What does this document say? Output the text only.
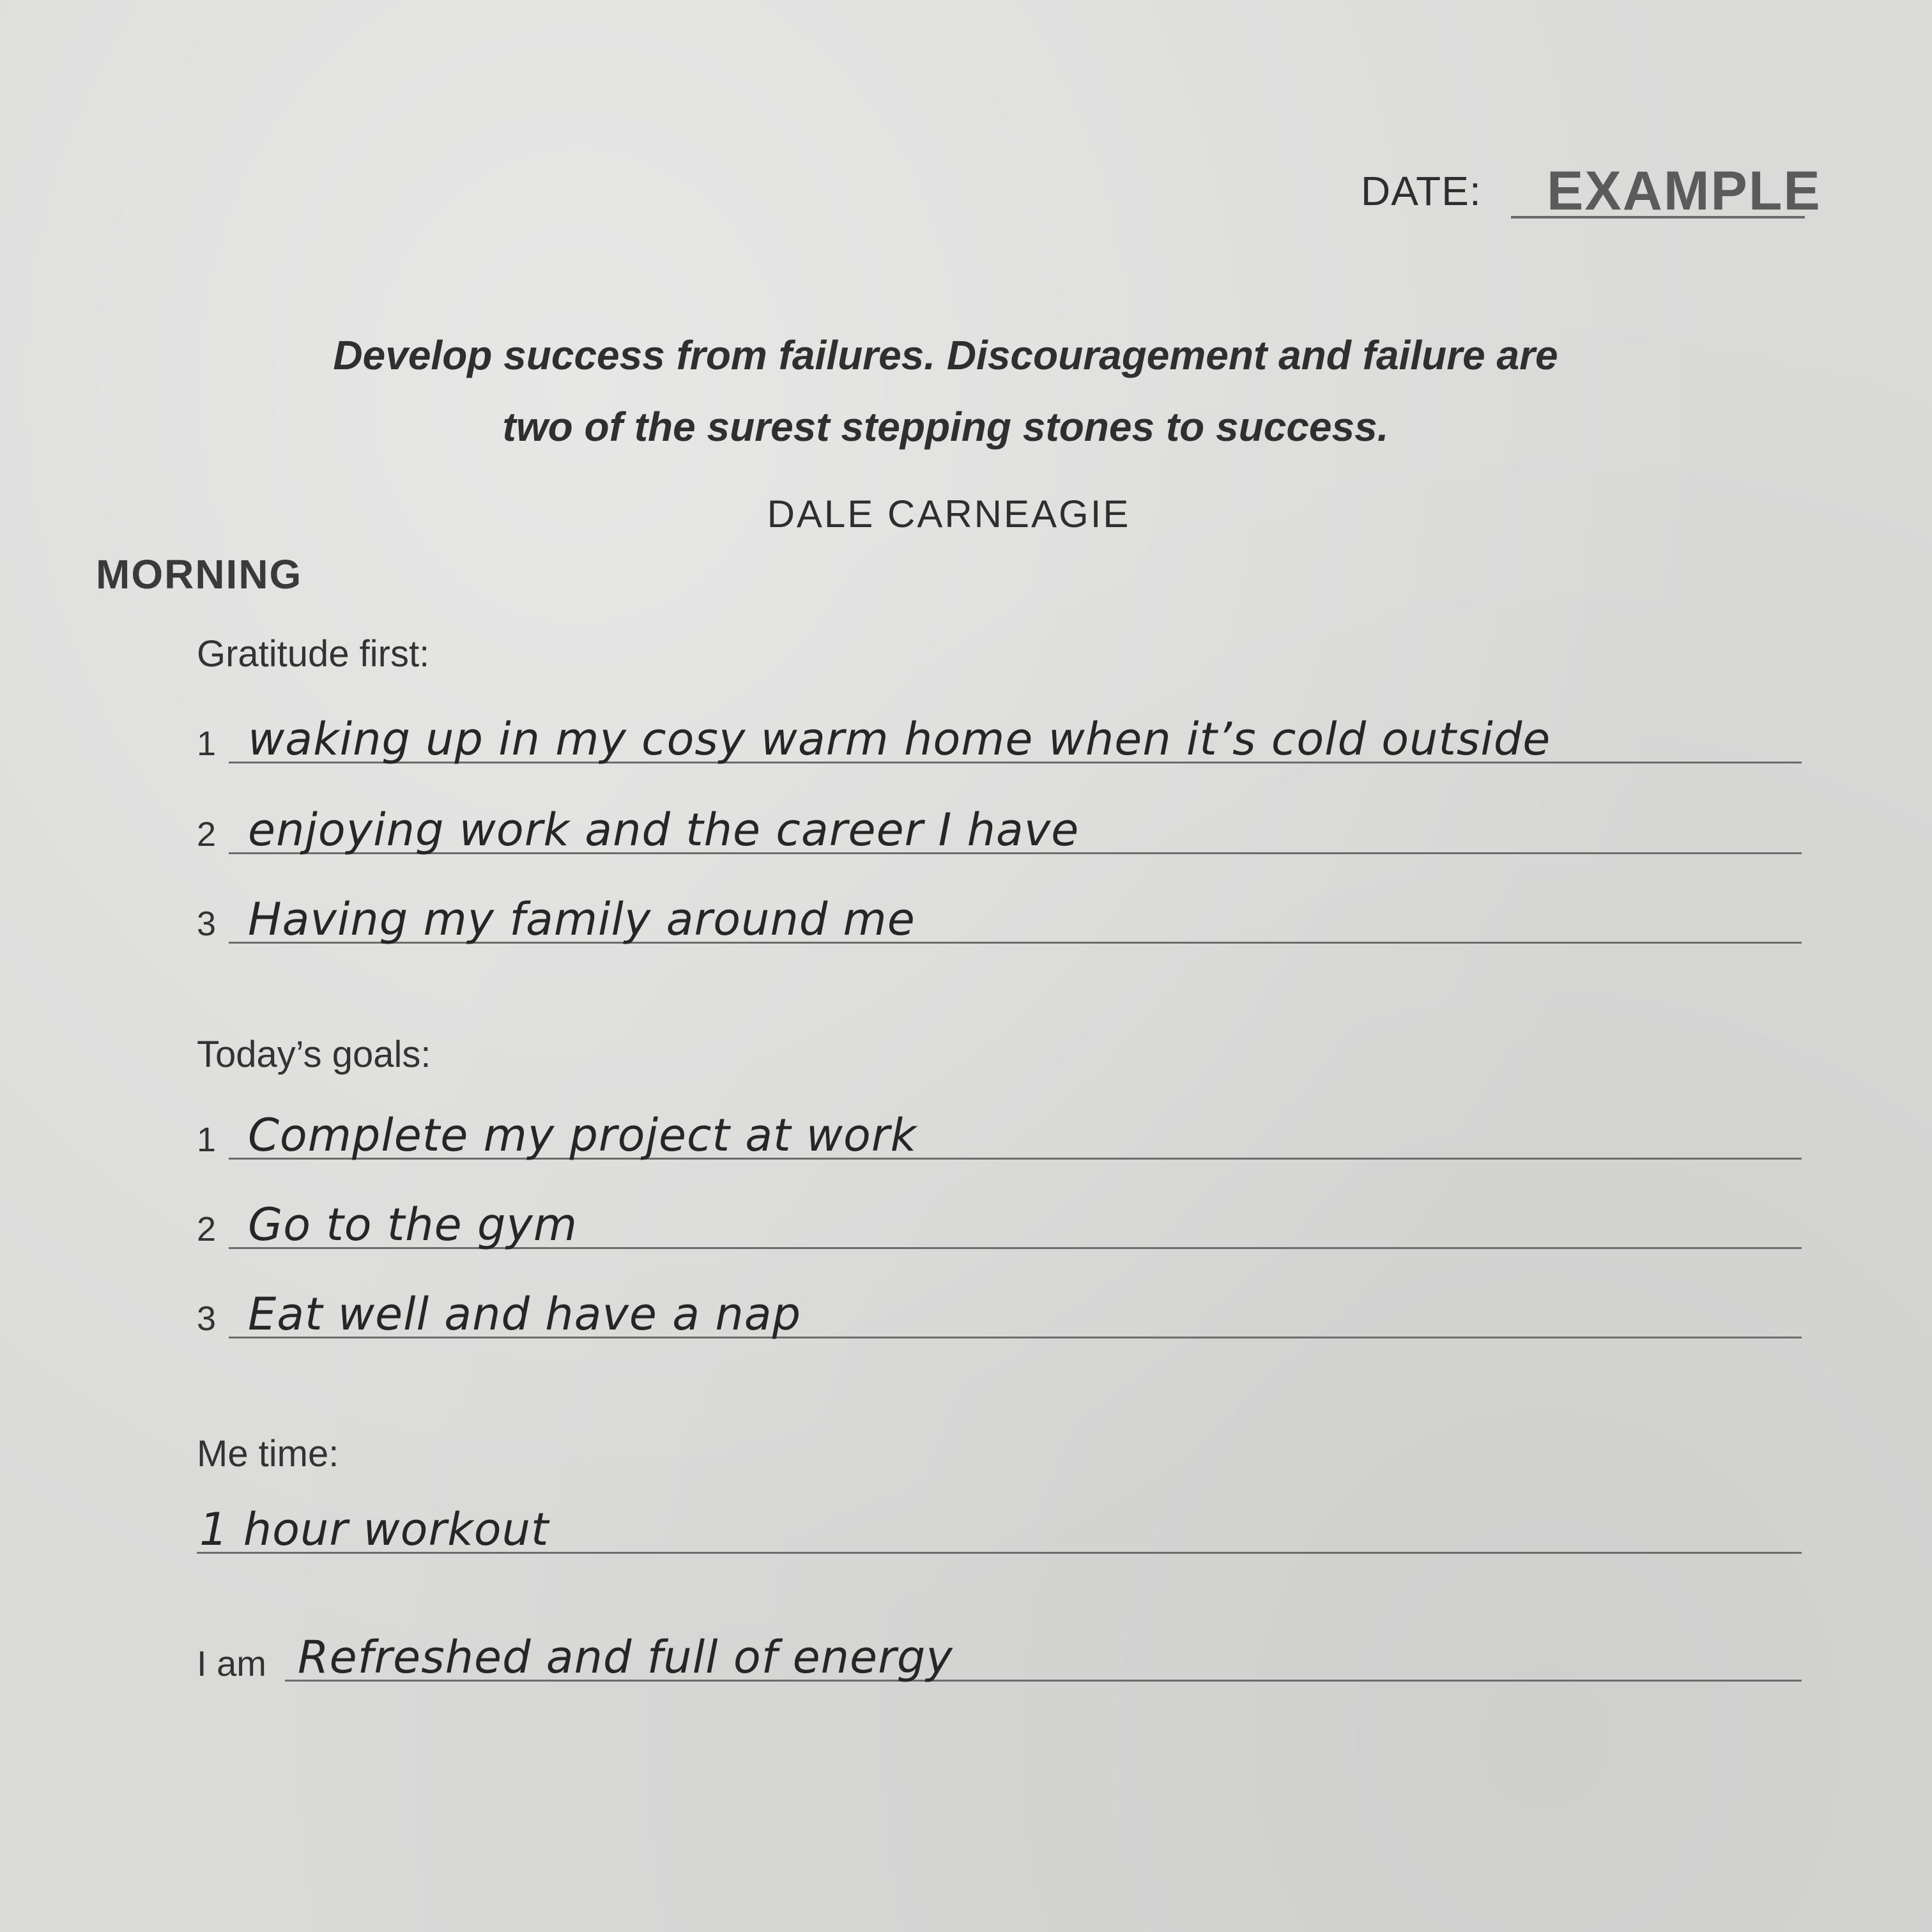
DATE: EXAMPLE
Develop success from failures. Discouragement and failure are
two of the surest stepping stones to success.
DALE CARNEAGIE
MORNING
Gratitude first:
1 waking up in my cosy warm home when it’s cold outside
2 enjoying work and the career I have
3 Having my family around me
Today’s goals:
1 Complete my project at work
2 Go to the gym
3 Eat well and have a nap
Me time:
1 hour workout
I am Refreshed and full of energy
